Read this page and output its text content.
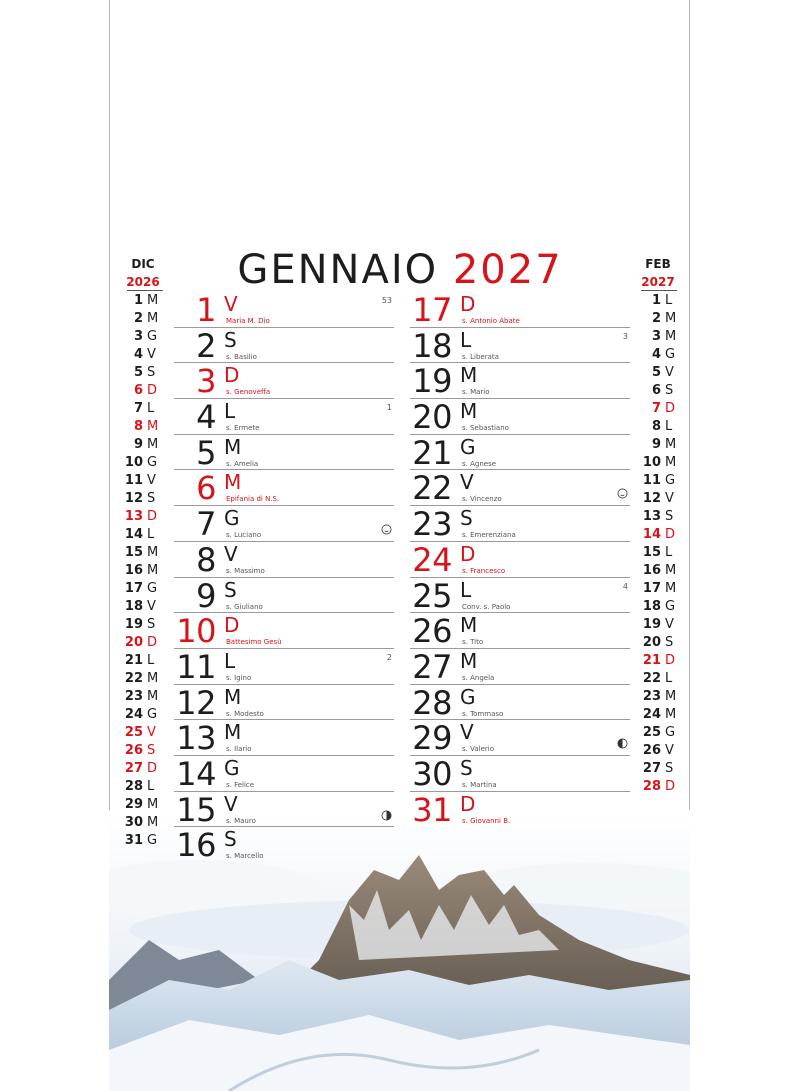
GENNAIO 2027
DIC
2026
FEB
2027
1 M
2 M
3 G
4 V
5 S
6 D
7 L
8 M
9 M
10 G
11 V
12 S
13 D
14 L
15 M
16 M
17 G
18 V
19 S
20 D
21 L
22 M
23 M
24 G
25 V
26 S
27 D
28 L
29 M
30 M
31 G
1 L
2 M
3 M
4 G
5 V
6 S
7 D
8 L
9 M
10 M
11 G
12 V
13 S
14 D
15 L
16 M
17 M
18 G
19 V
20 S
21 D
22 L
23 M
24 M
25 G
26 V
27 S
28 D
1 V
Maria M. Dio
53
2 S
s. Basilio
3 D
s. Genoveffa
4 L
s. Ermete
1
5 M
s. Amelia
6 M
Epifania di N.S.
7 G
s. Luciano
8 V
s. Massimo
9 S
s. Giuliano
10 D
Battesimo Gesù
11 L
s. Igino
2
12 M
s. Modesto
13 M
s. Ilario
14 G
s. Felice
15 V
s. Mauro
16 S
s. Marcello
17 D
s. Antonio Abate
18 L
s. Liberata
3
19 M
s. Mario
20 M
s. Sebastiano
21 G
s. Agnese
22 V
s. Vincenzo
23 S
s. Emerenziana
24 D
s. Francesco
25 L
Conv. s. Paolo
4
26 M
s. Tito
27 M
s. Angela
28 G
s. Tommaso
29 V
s. Valerio
30 S
s. Martina
31 D
s. Giovanni B.
